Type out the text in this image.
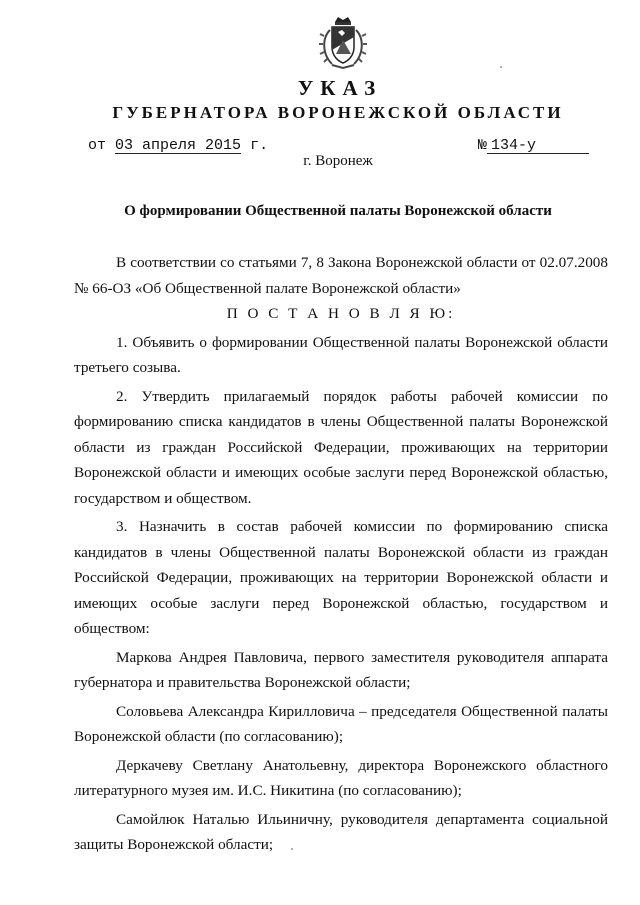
УКАЗ
ГУБЕРНАТОРА ВОРОНЕЖСКОЙ ОБЛАСТИ
от 03 апреля 2015 г.	№ 134-у
г. Воронеж
О формировании Общественной палаты Воронежской области

В соответствии со статьями 7, 8 Закона Воронежской области от 02.07.2008 № 66-ОЗ «Об Общественной палате Воронежской области»

П О С Т А Н О В Л Я Ю:

1. Объявить о формировании Общественной палаты Воронежской области третьего созыва.

2. Утвердить прилагаемый порядок работы рабочей комиссии по формированию списка кандидатов в члены Общественной палаты Воронежской области из граждан Российской Федерации, проживающих на территории Воронежской области и имеющих особые заслуги перед Воронежской областью, государством и обществом.

3. Назначить в состав рабочей комиссии по формированию списка кандидатов в члены Общественной палаты Воронежской области из граждан Российской Федерации, проживающих на территории Воронежской области и имеющих особые заслуги перед Воронежской областью, государством и обществом:

Маркова Андрея Павловича, первого заместителя руководителя аппарата губернатора и правительства Воронежской области;

Соловьева Александра Кирилловича – председателя Общественной палаты Воронежской области (по согласованию);

Деркачеву Светлану Анатольевну, директора Воронежского областного литературного музея им. И.С. Никитина (по согласованию);

Самойлюк Наталью Ильиничну, руководителя департамента социальной защиты Воронежской области;
